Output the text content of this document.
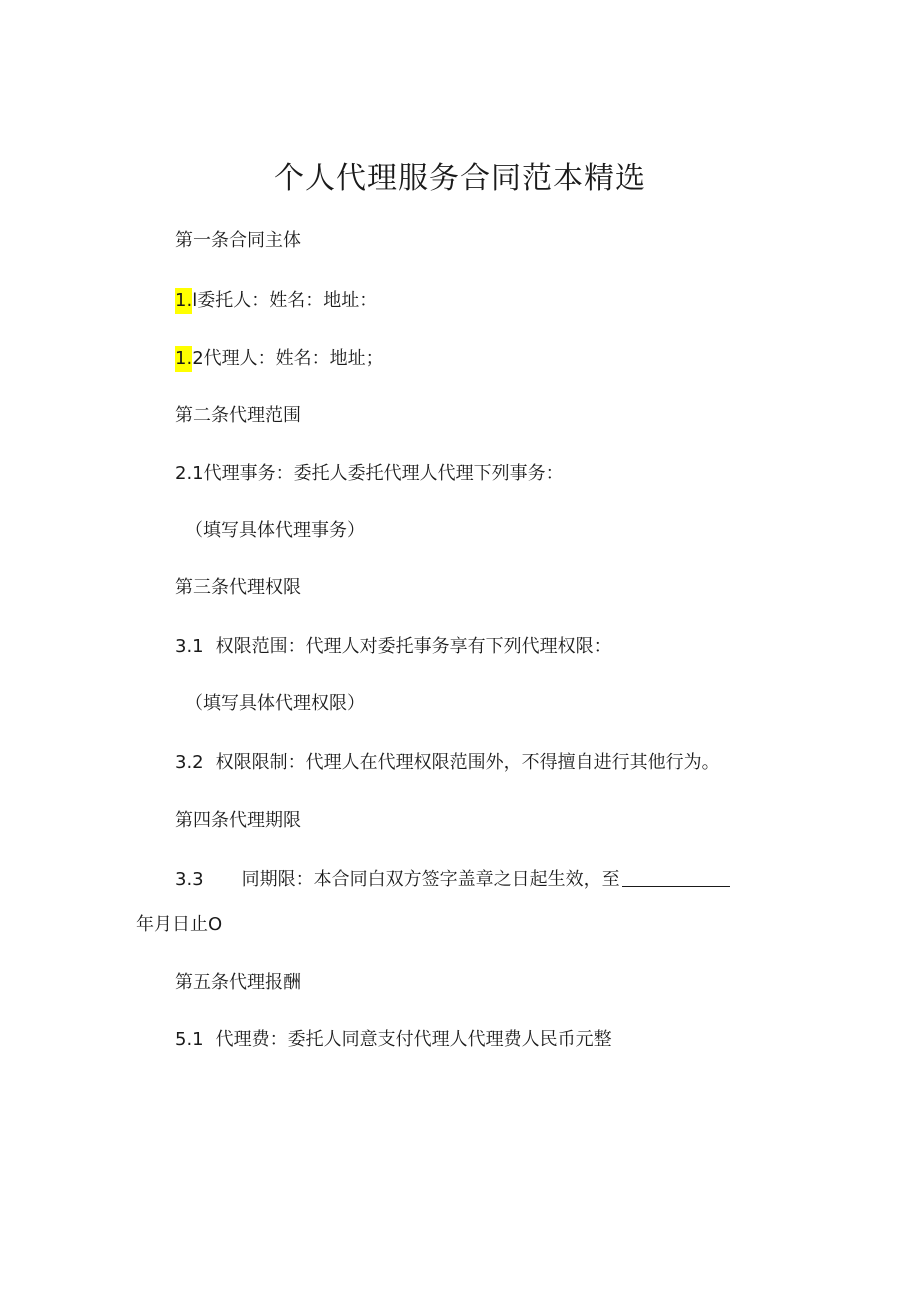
个人代理服务合同范本精选

第一条合同主体

1.l委托人：姓名：地址：

1.2代理人：姓名：地址；

第二条代理范围

2.1代理事务：委托人委托代理人代理下列事务：

（填写具体代理事务）

第三条代理权限

3.1 权限范围：代理人对委托事务享有下列代理权限：

（填写具体代理权限）

3.2 权限限制：代理人在代理权限范围外，不得擅自进行其他行为。

第四条代理期限

3.3 同期限：本合同白双方签字盖章之日起生效，至

年月日止O

第五条代理报酬

5.1 代理费：委托人同意支付代理人代理费人民币元整
